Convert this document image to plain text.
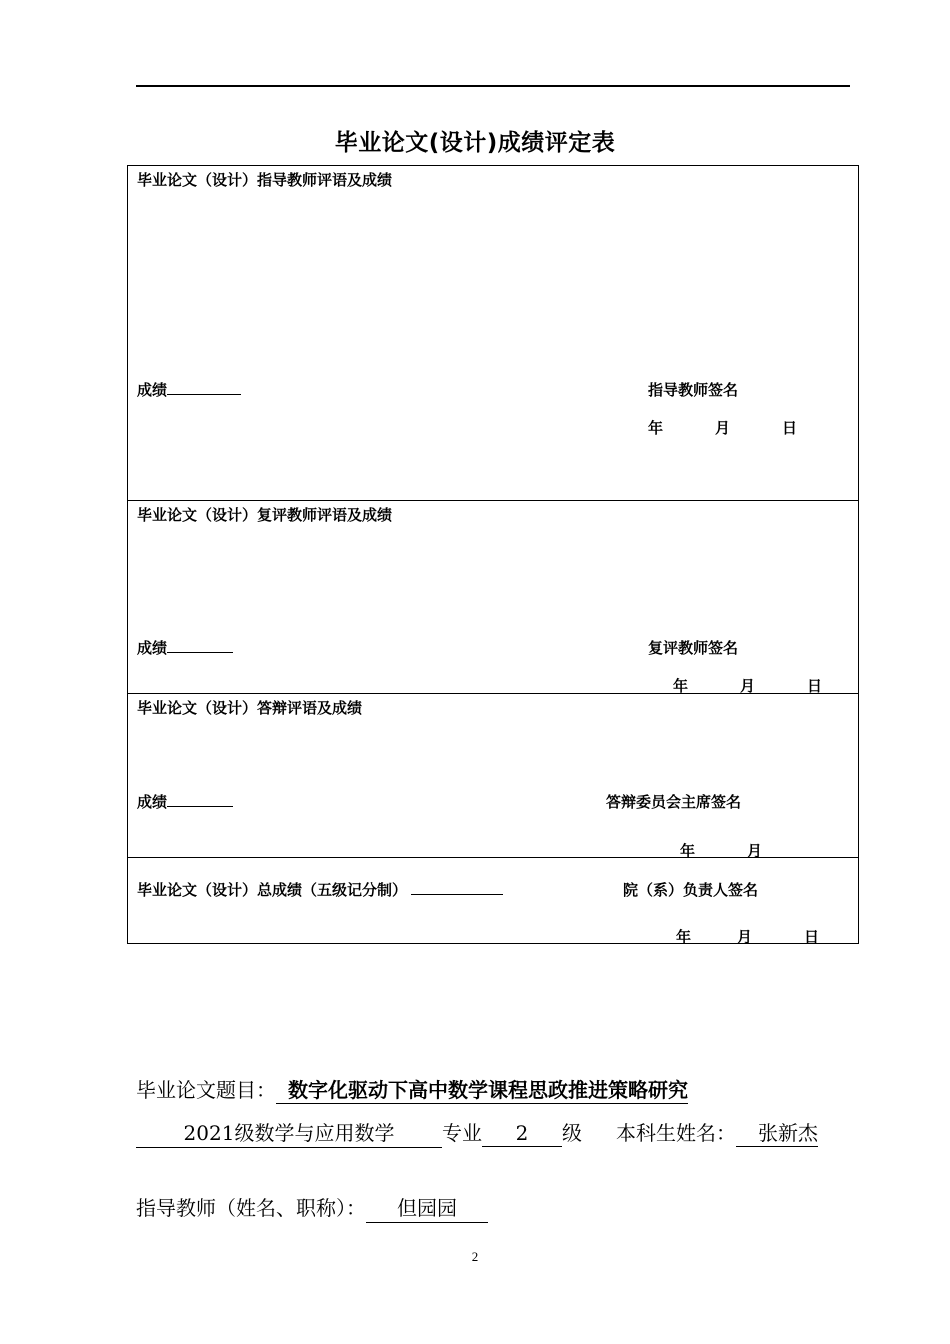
毕业论文(设计)成绩评定表
毕业论文（设计）指导教师评语及成绩
成绩	指导教师签名
年	月	日
毕业论文（设计）复评教师评语及成绩
成绩	复评教师签名
年	月	日
毕业论文（设计）答辩评语及成绩
成绩	答辩委员会主席签名
年	月
毕业论文（设计）总成绩（五级记分制）	院（系）负责人签名
年	月	日
毕业论文题目： 数字化驱动下高中数学课程思政推进策略研究
2021级数学与应用数学 专业 2 级 本科生姓名： 张新杰
指导教师（姓名、职称）： 但园园
2
